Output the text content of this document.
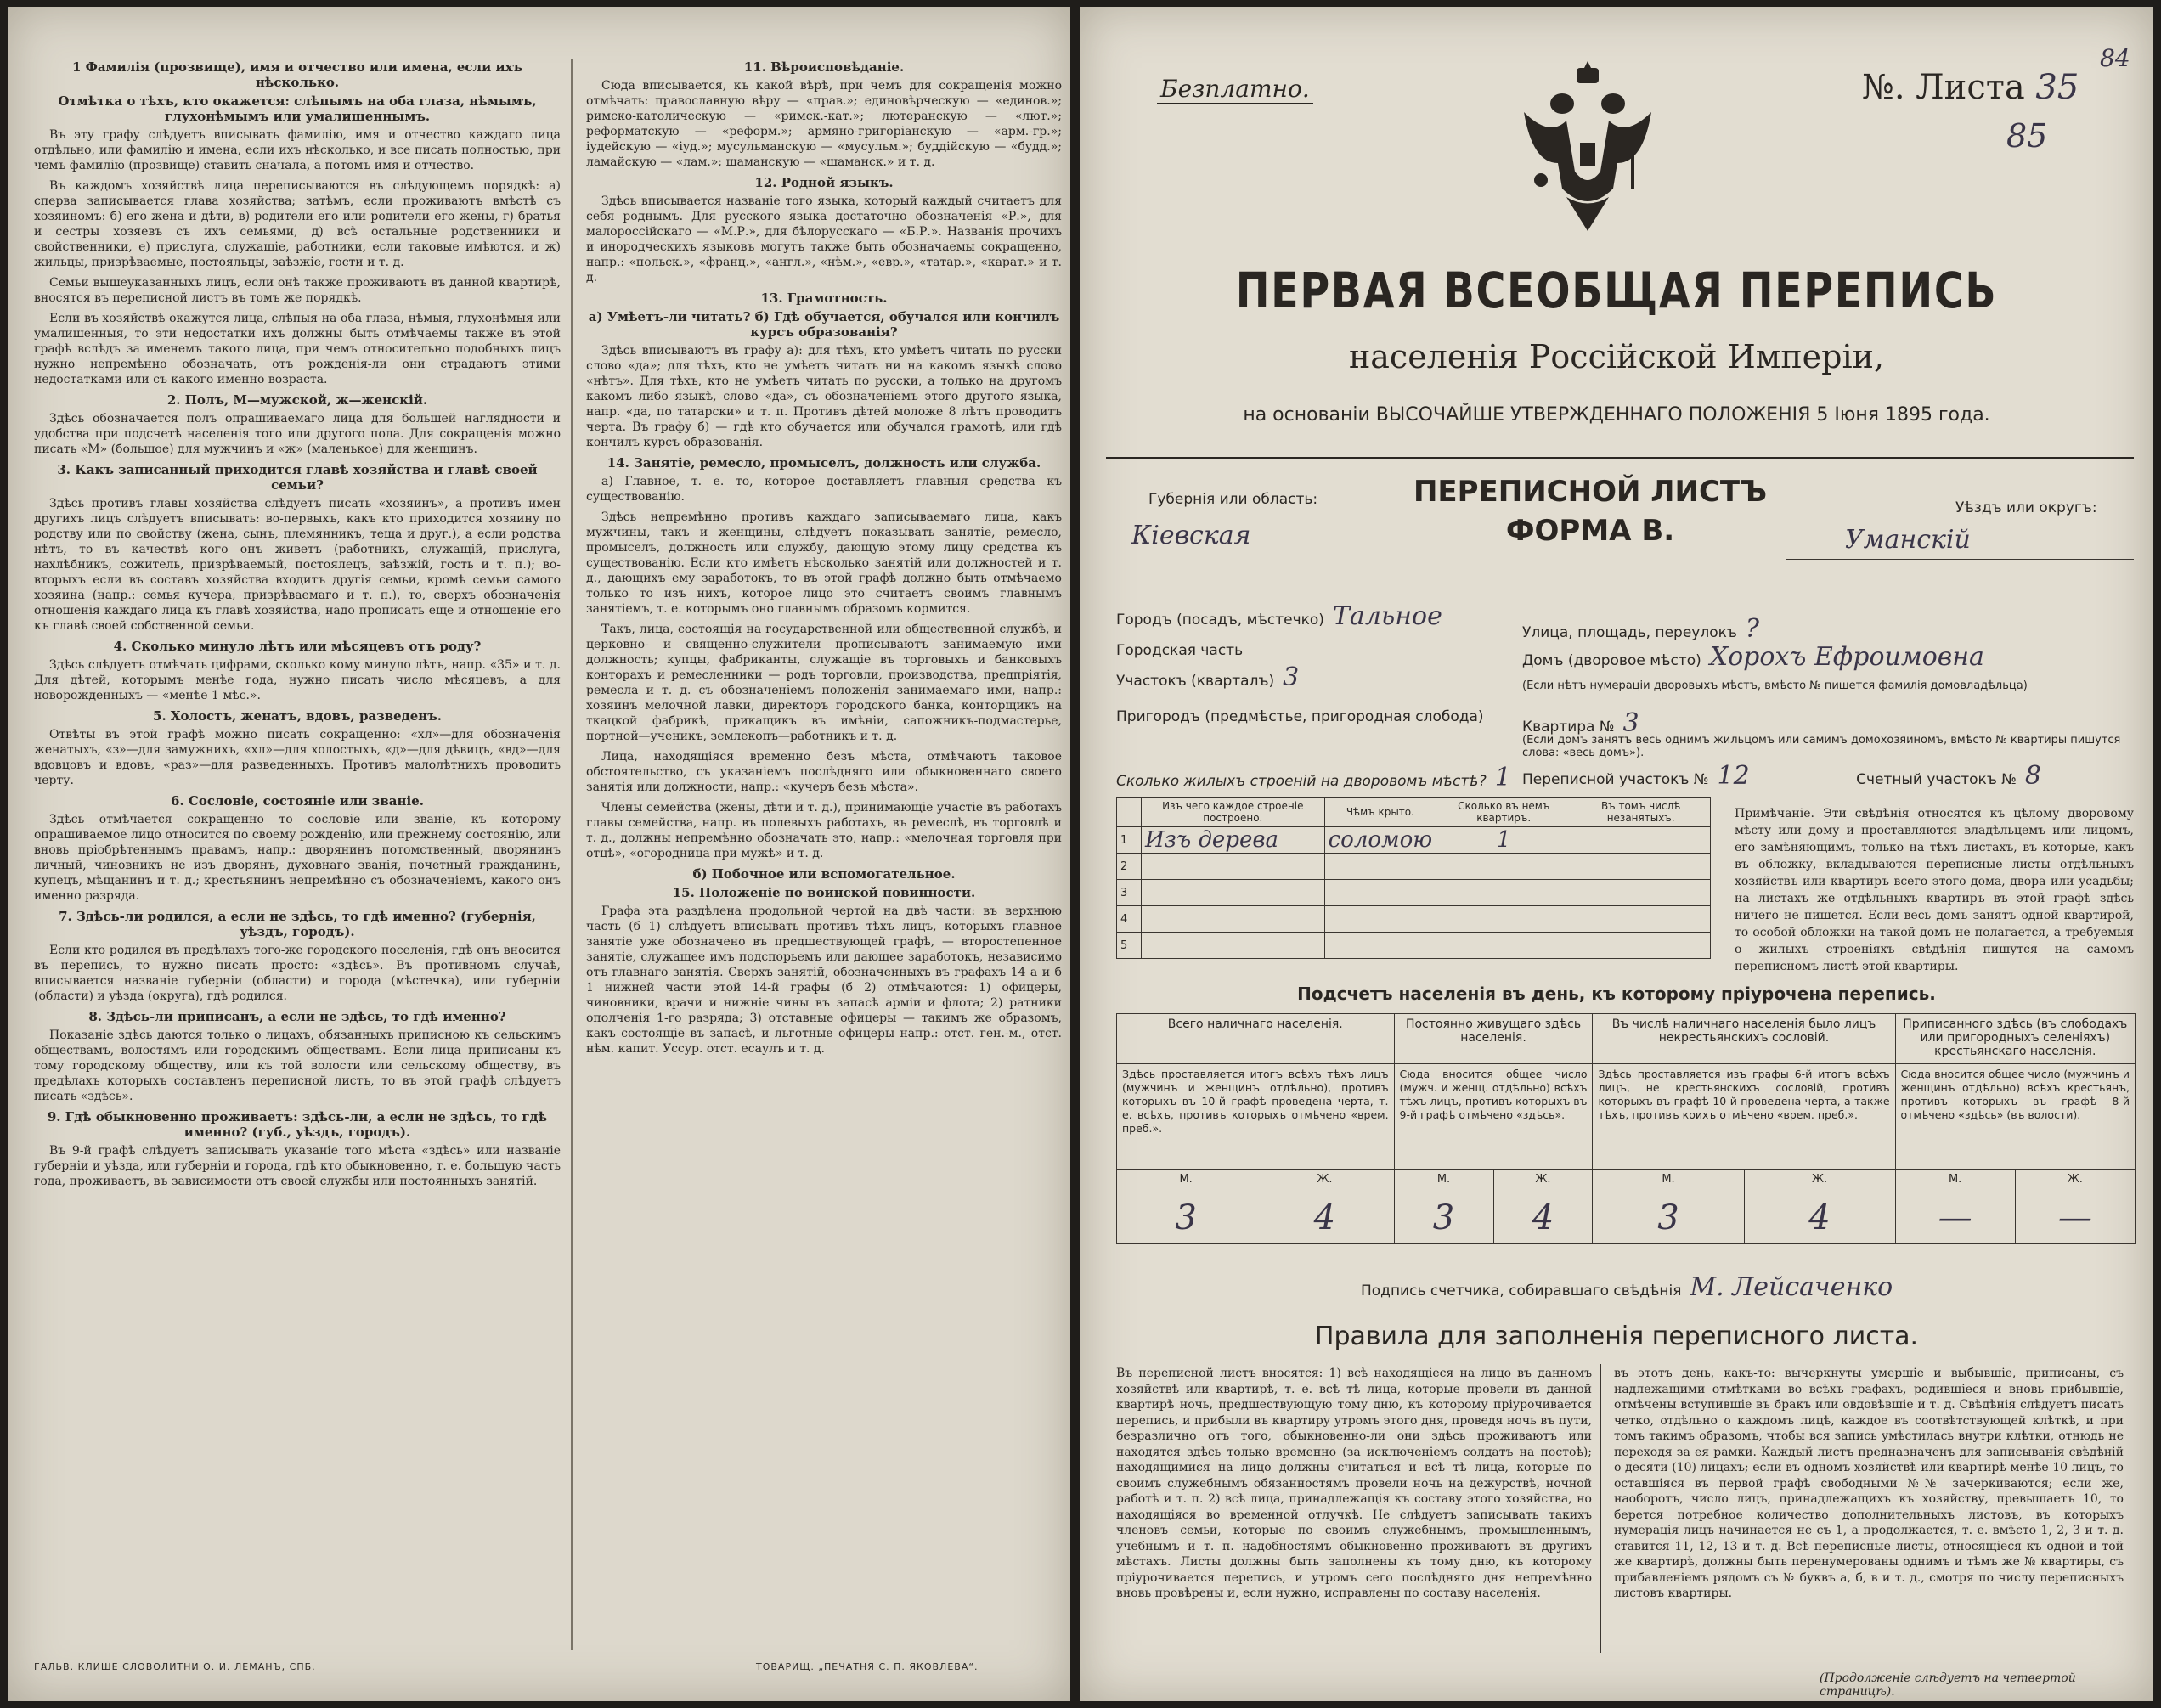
1 Фамилія (прозвище), имя и отчество или имена, если ихъ нѣсколько.

Отмѣтка о тѣхъ, кто окажется: слѣпымъ на оба глаза, нѣмымъ, глухонѣмымъ или умалишеннымъ.

Въ эту графу слѣдуетъ вписывать фамилію, имя и отчество каждаго лица отдѣльно, или фамилію и имена, если ихъ нѣсколько, и все писать полностью, при чемъ фамилію (прозвище) ставить сначала, а потомъ имя и отчество.

Въ каждомъ хозяйствѣ лица переписываются въ слѣдующемъ порядкѣ: а) сперва записывается глава хозяйства; затѣмъ, если проживаютъ вмѣстѣ съ хозяиномъ: б) его жена и дѣти, в) родители его или родители его жены, г) братья и сестры хозяевъ съ ихъ семьями, д) всѣ остальные родственники и свойственники, е) прислуга, служащіе, работники, если таковые имѣются, и ж) жильцы, призрѣваемые, постояльцы, заѣзжіе, гости и т. д.

Семьи вышеуказанныхъ лицъ, если онѣ также проживаютъ въ данной квартирѣ, вносятся въ переписной листъ въ томъ же порядкѣ.

Если въ хозяйствѣ окажутся лица, слѣпыя на оба глаза, нѣмыя, глухонѣмыя или умалишенныя, то эти недостатки ихъ должны быть отмѣчаемы также въ этой графѣ вслѣдъ за именемъ такого лица, при чемъ относительно подобныхъ лицъ нужно непремѣнно обозначать, отъ рожденія-ли они страдаютъ этими недостатками или съ какого именно возраста.

2. Полъ, М—мужской, ж—женскій.

Здѣсь обозначается полъ опрашиваемаго лица для большей наглядности и удобства при подсчетѣ населенія того или другого пола. Для сокращенія можно писать «М» (большое) для мужчинъ и «ж» (маленькое) для женщинъ.

3. Какъ записанный приходится главѣ хозяйства и главѣ своей семьи?

Здѣсь противъ главы хозяйства слѣдуетъ писать «хозяинъ», а противъ имен другихъ лицъ слѣдуетъ вписывать: во-первыхъ, какъ кто приходится хозяину по родству или по свойству (жена, сынъ, племянникъ, теща и друг.), а если родства нѣтъ, то въ качествѣ кого онъ живетъ (работникъ, служащій, прислуга, нахлѣбникъ, сожитель, призрѣваемый, постоялецъ, заѣзжій, гость и т. п.); во-вторыхъ если въ составъ хозяйства входитъ другія семьи, кромѣ семьи самого хозяина (напр.: семья кучера, призрѣваемаго и т. п.), то, сверхъ обозначенія отношенія каждаго лица къ главѣ хозяйства, надо прописать еще и отношеніе его къ главѣ своей собственной семьи.

4. Сколько минуло лѣтъ или мѣсяцевъ отъ роду?

Здѣсь слѣдуетъ отмѣчать цифрами, сколько кому минуло лѣтъ, напр. «35» и т. д. Для дѣтей, которымъ менѣе года, нужно писать число мѣсяцевъ, а для новорожденныхъ — «менѣе 1 мѣс.».

5. Холостъ, женатъ, вдовъ, разведенъ.

Отвѣты въ этой графѣ можно писать сокращенно: «хл»—для обозначенія женатыхъ, «з»—для замужнихъ, «хл»—для холостыхъ, «д»—для дѣвицъ, «вд»—для вдовцовъ и вдовъ, «раз»—для разведенныхъ. Противъ малолѣтнихъ проводить черту.

6. Сословіе, состояніе или званіе.

Здѣсь отмѣчается сокращенно то сословіе или званіе, къ которому опрашиваемое лицо относится по своему рожденію, или прежнему состоянію, или вновь пріобрѣтеннымъ правамъ, напр.: дворянинъ потомственный, дворянинъ личный, чиновникъ не изъ дворянъ, духовнаго званія, почетный гражданинъ, купецъ, мѣщанинъ и т. д.; крестьянинъ непремѣнно съ обозначеніемъ, какого онъ именно разряда.

7. Здѣсь-ли родился, а если не здѣсь, то гдѣ именно? (губернія, уѣздъ, городъ).

Если кто родился въ предѣлахъ того-же городского поселенія, гдѣ онъ вносится въ перепись, то нужно писать просто: «здѣсь». Въ противномъ случаѣ, вписывается названіе губерніи (области) и города (мѣстечка), или губерніи (области) и уѣзда (округа), гдѣ родился.

8. Здѣсь-ли приписанъ, а если не здѣсь, то гдѣ именно?

Показаніе здѣсь даются только о лицахъ, обязанныхъ приписною къ сельскимъ обществамъ, волостямъ или городскимъ обществамъ. Если лица приписаны къ тому городскому обществу, или къ той волости или сельскому обществу, въ предѣлахъ которыхъ составленъ переписной листъ, то въ этой графѣ слѣдуетъ писать «здѣсь».

9. Гдѣ обыкновенно проживаетъ: здѣсь-ли, а если не здѣсь, то гдѣ именно? (губ., уѣздъ, городъ).

Въ 9-й графѣ слѣдуетъ записывать указаніе того мѣста «здѣсь» или названіе губерніи и уѣзда, или губерніи и города, гдѣ кто обыкновенно, т. е. большую часть года, проживаетъ, въ зависимости отъ своей службы или постоянныхъ занятій.

11. Вѣроисповѣданіе.

Сюда вписывается, къ какой вѣрѣ, при чемъ для сокращенія можно отмѣчать: православную вѣру — «прав.»; единовѣрческую — «единов.»; римско-католическую — «римск.-кат.»; лютеранскую — «лют.»; реформатскую — «реформ.»; армяно-григоріанскую — «арм.-гр.»; іудейскую — «іуд.»; мусульманскую — «мусульм.»; буддійскую — «будд.»; ламайскую — «лам.»; шаманскую — «шаманск.» и т. д.

12. Родной языкъ.

Здѣсь вписывается названіе того языка, который каждый считаетъ для себя роднымъ. Для русского языка достаточно обозначенія «Р.», для малороссійскаго — «М.Р.», для бѣлорусскаго — «Б.Р.». Названія прочихъ и инородческихъ языковъ могутъ также быть обозначаемы сокращенно, напр.: «польск.», «франц.», «англ.», «нѣм.», «евр.», «татар.», «карат.» и т. д.

13. Грамотность.

а) Умѣетъ-ли читать? б) Гдѣ обучается, обучался или кончилъ курсъ образованія?

Здѣсь вписываютъ въ графу а): для тѣхъ, кто умѣетъ читать по русски слово «да»; для тѣхъ, кто не умѣетъ читать ни на какомъ языкѣ слово «нѣтъ». Для тѣхъ, кто не умѣетъ читать по русски, а только на другомъ какомъ либо языкѣ, слово «да», съ обозначеніемъ этого другого языка, напр. «да, по татарски» и т. п. Противъ дѣтей моложе 8 лѣтъ проводитъ черта. Въ графу б) — гдѣ кто обучается или обучался грамотѣ, или гдѣ кончилъ курсъ образованія.

14. Занятіе, ремесло, промыселъ, должность или служба.

а) Главное, т. е. то, которое доставляетъ главныя средства къ существованію.

Здѣсь непремѣнно противъ каждаго записываемаго лица, какъ мужчины, такъ и женщины, слѣдуетъ показывать занятіе, ремесло, промыселъ, должность или службу, дающую этому лицу средства къ существованію. Если кто имѣетъ нѣсколько занятій или должностей и т. д., дающихъ ему заработокъ, то въ этой графѣ должно быть отмѣчаемо только то изъ нихъ, которое лицо это считаетъ своимъ главнымъ занятіемъ, т. е. которымъ оно главнымъ образомъ кормится.

Такъ, лица, состоящія на государственной или общественной службѣ, и церковно- и священно-служители прописываютъ занимаемую ими должность; купцы, фабриканты, служащіе въ торговыхъ и банковыхъ конторахъ и ремесленники — родъ торговли, производства, предпріятія, ремесла и т. д. съ обозначеніемъ положенія занимаемаго ими, напр.: хозяинъ мелочной лавки, директоръ городского банка, конторщикъ на ткацкой фабрикѣ, прикащикъ въ имѣніи, сапожникъ-подмастерье, портной—ученикъ, землекопъ—работникъ и т. д.

Лица, находящіяся временно безъ мѣста, отмѣчаютъ таковое обстоятельство, съ указаніемъ послѣдняго или обыкновеннаго своего занятія или должности, напр.: «кучеръ безъ мѣста».

Члены семейства (жены, дѣти и т. д.), принимающіе участіе въ работахъ главы семейства, напр. въ полевыхъ работахъ, въ ремеслѣ, въ торговлѣ и т. д., должны непремѣнно обозначать это, напр.: «мелочная торговля при отцѣ», «огородница при мужѣ» и т. д.

б) Побочное или вспомогательное.

15. Положеніе по воинской повинности.

Графа эта раздѣлена продольной чертой на двѣ части: въ верхнюю часть (б 1) слѣдуетъ вписывать противъ тѣхъ лицъ, которыхъ главное занятіе уже обозначено въ предшествующей графѣ, — второстепенное занятіе, служащее имъ подспорьемъ или дающее заработокъ, независимо отъ главнаго занятія. Сверхъ занятій, обозначенныхъ въ графахъ 14 а и б 1 нижней части этой 14-й графы (б 2) отмѣчаются: 1) офицеры, чиновники, врачи и нижніе чины въ запасѣ арміи и флота; 2) ратники ополченія 1-го разряда; 3) отставные офицеры — такимъ же образомъ, какъ состоящіе въ запасѣ, и льготные офицеры напр.: отст. ген.-м., отст. нѣм. капит. Уссур. отст. есаулъ и т. д.

ГАЛЬВ. КЛИШЕ СЛОВОЛИТНИ О. И. ЛЕМАНЪ, СПБ.	ТОВАРИЩ. „ПЕЧАТНЯ С. П. ЯКОВЛЕВА“.
Безплатно.
84
№. Листа 35
85
ПЕРВАЯ ВСЕОБЩАЯ ПЕРЕПИСЬ
населенія Россійской Имперіи,
на основаніи ВЫСОЧАЙШЕ УТВЕРЖДЕННАГО ПОЛОЖЕНІЯ 5 Іюня 1895 года.
Губернія или область:
Кіевская
ПЕРЕПИСНОЙ ЛИСТЪ
ФОРМА В.
Уѣздъ или округъ:
Уманскій
Городъ (посадъ, мѣстечко) Тальное
Улица, площадь, переулокъ ?
Городская часть
Домъ (дворовое мѣсто) Хорохъ Ефроимовна
(Если нѣтъ нумераціи дворовыхъ мѣстъ, вмѣсто № пишется фамилія домовладѣльца)
Участокъ (кварталъ) 3
Квартира № 3
(Если домъ занятъ весь однимъ жильцомъ или самимъ домохозяиномъ, вмѣсто № квартиры пишутся слова: «весь домъ»).
Пригородъ (предмѣстье, пригородная слобода)
Переписной участокъ № 12	Счетный участокъ № 8
Сколько жилыхъ строеній на дворовомъ мѣстѣ? 1
	Изъ чего каждое строеніе построено.	Чѣмъ крыто.	Сколько въ немъ квартиръ.	Въ томъ числѣ незанятыхъ.
1	Изъ дерева	соломою	1	
2				
3				
4				
5				
Примѣчаніе. Эти свѣдѣнія относятся къ цѣлому дворовому мѣсту или дому и проставляются владѣльцемъ или лицомъ, его замѣняющимъ, только на тѣхъ листахъ, въ которые, какъ въ обложку, вкладываются переписные листы отдѣльныхъ хозяйствъ или квартиръ всего этого дома, двора или усадьбы; на листахъ же отдѣльныхъ квартиръ въ этой графѣ здѣсь ничего не пишется. Если весь домъ занятъ одной квартирой, то особой обложки на такой домъ не полагается, а требуемыя о жилыхъ строеніяхъ свѣдѣнія пишутся на самомъ переписномъ листѣ этой квартиры.
Подсчетъ населенія въ день, къ которому пріурочена перепись.
Всего наличнаго населенія.		Постоянно живущаго здѣсь населенія.		Въ числѣ наличнаго населенія было лицъ некрестьянскихъ сословій.		Приписанного здѣсь (въ слободахъ или пригородныхъ селеніяхъ) крестьянскаго населенія.	
Здѣсь проставляется итогъ всѣхъ тѣхъ лицъ (мужчинъ и женщинъ отдѣльно), противъ которыхъ въ 10-й графѣ проведена черта, т. е. всѣхъ, противъ которыхъ отмѣчено «врем. преб.».		Сюда вносится общее число (мужч. и женщ. отдѣльно) всѣхъ тѣхъ лицъ, противъ которыхъ въ 9-й графѣ отмѣчено «здѣсь».		Здѣсь проставляется изъ графы 6-й итогъ всѣхъ лицъ, не крестьянскихъ сословій, противъ которыхъ въ графѣ 10-й проведена черта, а также тѣхъ, противъ коихъ отмѣчено «врем. преб.».		Сюда вносится общее число (мужчинъ и женщинъ отдѣльно) всѣхъ крестьянъ, противъ которыхъ въ графѣ 8-й отмѣчено «здѣсь» (въ волости).	
М.	Ж.	М.	Ж.	М.	Ж.	М.	Ж.
3	4	3	4	3	4	—	—
Подпись счетчика, собиравшаго свѣдѣнія М. Лейсаченко
Правила для заполненія переписного листа.
Въ переписной листъ вносятся: 1) всѣ находящіеся на лицо въ данномъ хозяйствѣ или квартирѣ, т. е. всѣ тѣ лица, которые провели въ данной квартирѣ ночь, предшествующую тому дню, къ которому пріурочивается перепись, и прибыли въ квартиру утромъ этого дня, проведя ночь въ пути, безразлично отъ того, обыкновенно-ли они здѣсь проживаютъ или находятся здѣсь только временно (за исключеніемъ солдатъ на постоѣ); находящимися на лицо должны считаться и всѣ тѣ лица, которые по своимъ служебнымъ обязанностямъ провели ночь на дежурствѣ, ночной работѣ и т. п. 2) всѣ лица, принадлежащія къ составу этого хозяйства, но находящіяся во временной отлучкѣ. Не слѣдуетъ записывать такихъ членовъ семьи, которые по своимъ служебнымъ, промышленнымъ, учебнымъ и т. п. надобностямъ обыкновенно проживаютъ въ другихъ мѣстахъ. Листы должны быть заполнены къ тому дню, къ которому пріурочивается перепись, и утромъ сего послѣдняго дня непремѣнно вновь провѣрены и, если нужно, исправлены по составу населенія.
въ этотъ день, какъ-то: вычеркнуты умершіе и выбывшіе, приписаны, съ надлежащими отмѣтками во всѣхъ графахъ, родившіеся и вновь прибывшіе, отмѣчены вступившіе въ бракъ или овдовѣвшіе и т. д. Свѣдѣнія слѣдуетъ писать четко, отдѣльно о каждомъ лицѣ, каждое въ соотвѣтствующей клѣткѣ, и при томъ такимъ образомъ, чтобы вся запись умѣстилась внутри клѣтки, отнюдь не переходя за ея рамки. Каждый листъ предназначенъ для записыванія свѣдѣній о десяти (10) лицахъ; если въ одномъ хозяйствѣ или квартирѣ менѣе 10 лицъ, то оставшіяся въ первой графѣ свободными №№ зачеркиваются; если же, наоборотъ, число лицъ, принадлежащихъ къ хозяйству, превышаетъ 10, то берется потребное количество дополнительныхъ листовъ, въ которыхъ нумерація лицъ начинается не съ 1, а продолжается, т. е. вмѣсто 1, 2, 3 и т. д. ставится 11, 12, 13 и т. д. Всѣ переписные листы, относящіеся къ одной и той же квартирѣ, должны быть перенумерованы однимъ и тѣмъ же № квартиры, съ прибавленіемъ рядомъ съ № буквъ а, б, в и т. д., смотря по числу переписныхъ листовъ квартиры.
(Продолженіе слѣдуетъ на четвертой страницѣ).
